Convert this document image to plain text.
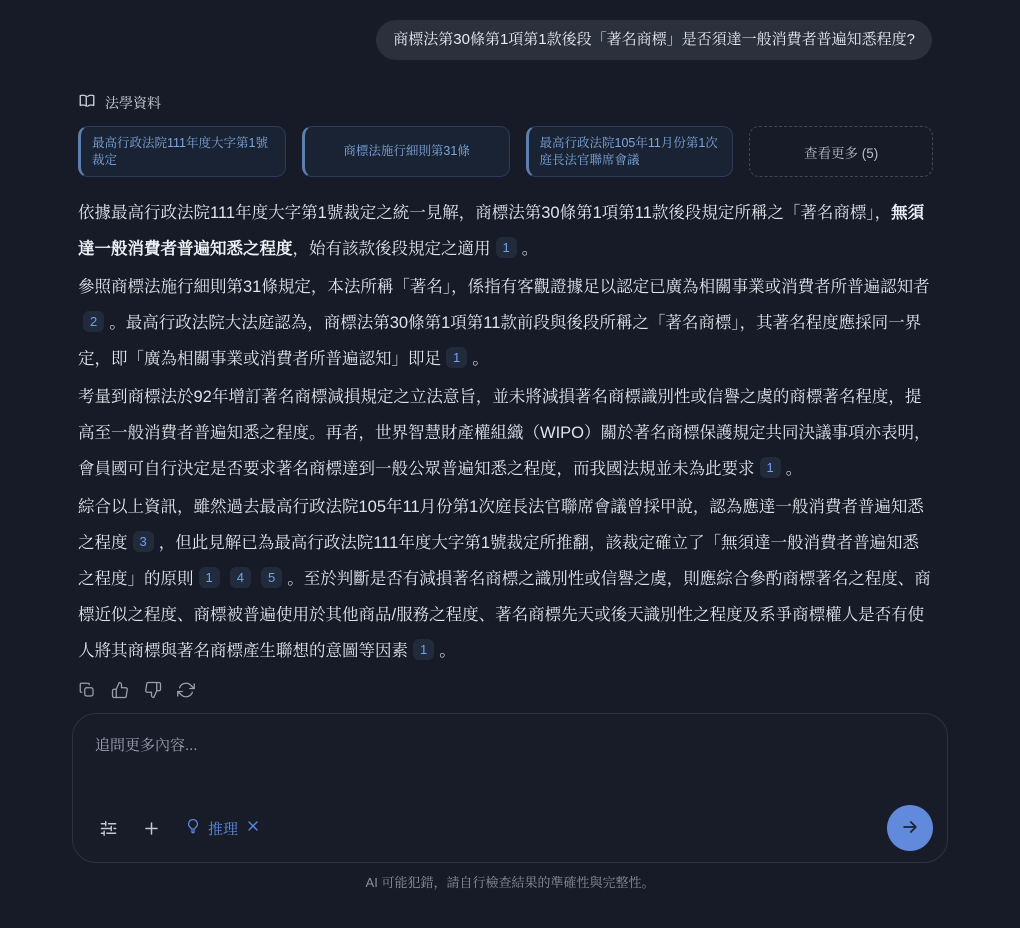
商標法第30條第1項第1款後段「著名商標」是否須達一般消費者普遍知悉程度?
法學資料
最高行政法院111年度大字第1號裁定
商標法施行細則第31條
最高行政法院105年11月份第1次庭長法官聯席會議	查看更多 (5)

依據最高行政法院111年度大字第1號裁定之統一見解，商標法第30條第1項第11款後段規定所稱之「著名商標」，無須達一般消費者普遍知悉之程度，始有該款後段規定之適用 1 。

參照商標法施行細則第31條規定，本法所稱「著名」，係指有客觀證據足以認定已廣為相關事業或消費者所普遍認知者2 。最高行政法院大法庭認為，商標法第30條第1項第11款前段與後段所稱之「著名商標」，其著名程度應採同一界定，即「廣為相關事業或消費者所普遍認知」即足 1 。

考量到商標法於92年增訂著名商標減損規定之立法意旨，並未將減損著名商標識別性或信譽之虞的商標著名程度，提高至一般消費者普遍知悉之程度。再者，世界智慧財產權組織（WIPO）關於著名商標保護規定共同決議事項亦表明，會員國可自行決定是否要求著名商標達到一般公眾普遍知悉之程度，而我國法規並未為此要求 1 。

綜合以上資訊，雖然過去最高行政法院105年11月份第1次庭長法官聯席會議曾採甲說，認為應達一般消費者普遍知悉之程度 3 ，但此見解已為最高行政法院111年度大字第1號裁定所推翻，該裁定確立了「無須達一般消費者普遍知悉之程度」的原則 1 4 5 。至於判斷是否有減損著名商標之識別性或信譽之虞，則應綜合參酌商標著名之程度、商標近似之程度、商標被普遍使用於其他商品/服務之程度、著名商標先天或後天識別性之程度及系爭商標權人是否有使人將其商標與著名商標產生聯想的意圖等因素 1 。

追問更多內容...
推理
AI 可能犯錯，請自行檢查結果的準確性與完整性。
